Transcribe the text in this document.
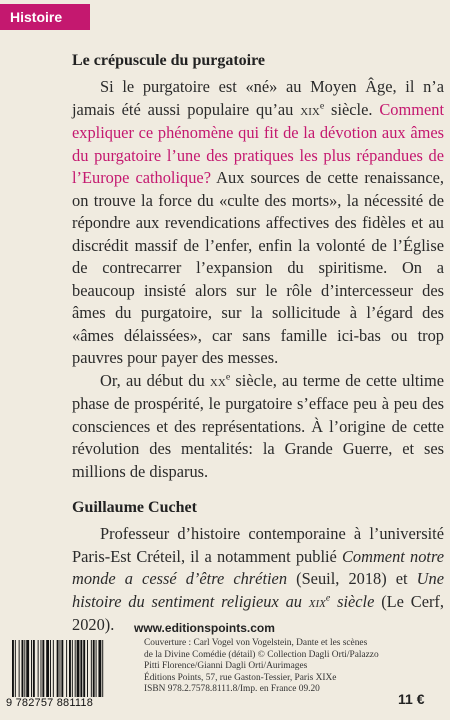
Histoire
Le crépuscule du purgatoire

Si le purgatoire est «né» au Moyen Âge, il n’a jamais été aussi populaire qu’au xix$^e$ siècle. Comment expliquer ce phénomène qui fit de la dévotion aux âmes du purgatoire l’une des pratiques les plus répandues de l’Europe catholique? Aux sources de cette renaissance, on trouve la force du «culte des morts», la nécessité de répondre aux revendications affectives des fidèles et au discrédit massif de l’enfer, enfin la volonté de l’Église de contrecarrer l’expansion du spiritisme. On a beaucoup insisté alors sur le rôle d’intercesseur des âmes du purgatoire, sur la sollicitude à l’égard des «âmes délaissées», car sans famille ici-bas ou trop pauvres pour payer des messes.

Or, au début du $xx^e$ siècle, au terme de cette ultime phase de prospérité, le purgatoire s’efface peu à peu des consciences et des représentations. À l’origine de cette révolution des mentalités: la Grande Guerre, et ses millions de disparus.

Guillaume Cuchet

Professeur d’histoire contemporaine à l’université Paris-Est Créteil, il a notamment publié Comment notre monde a cessé d’être chrétien (Seuil, 2018) et Une histoire du sentiment religieux au xix$^e$ siècle (Le Cerf, 2020).	www.editionspoints.com
Couverture : Carl Vogel von Vogelstein, Dante et les scènes
de la Divine Comédie (détail) © Collection Dagli Orti/Palazzo
Pitti Florence/Gianni Dagli Orti/Aurimages
Éditions Points, 57, rue Gaston-Tessier, Paris XIXe
ISBN 978.2.7578.8111.8/Imp. en France 09.20
9 782757 881118	11 €
